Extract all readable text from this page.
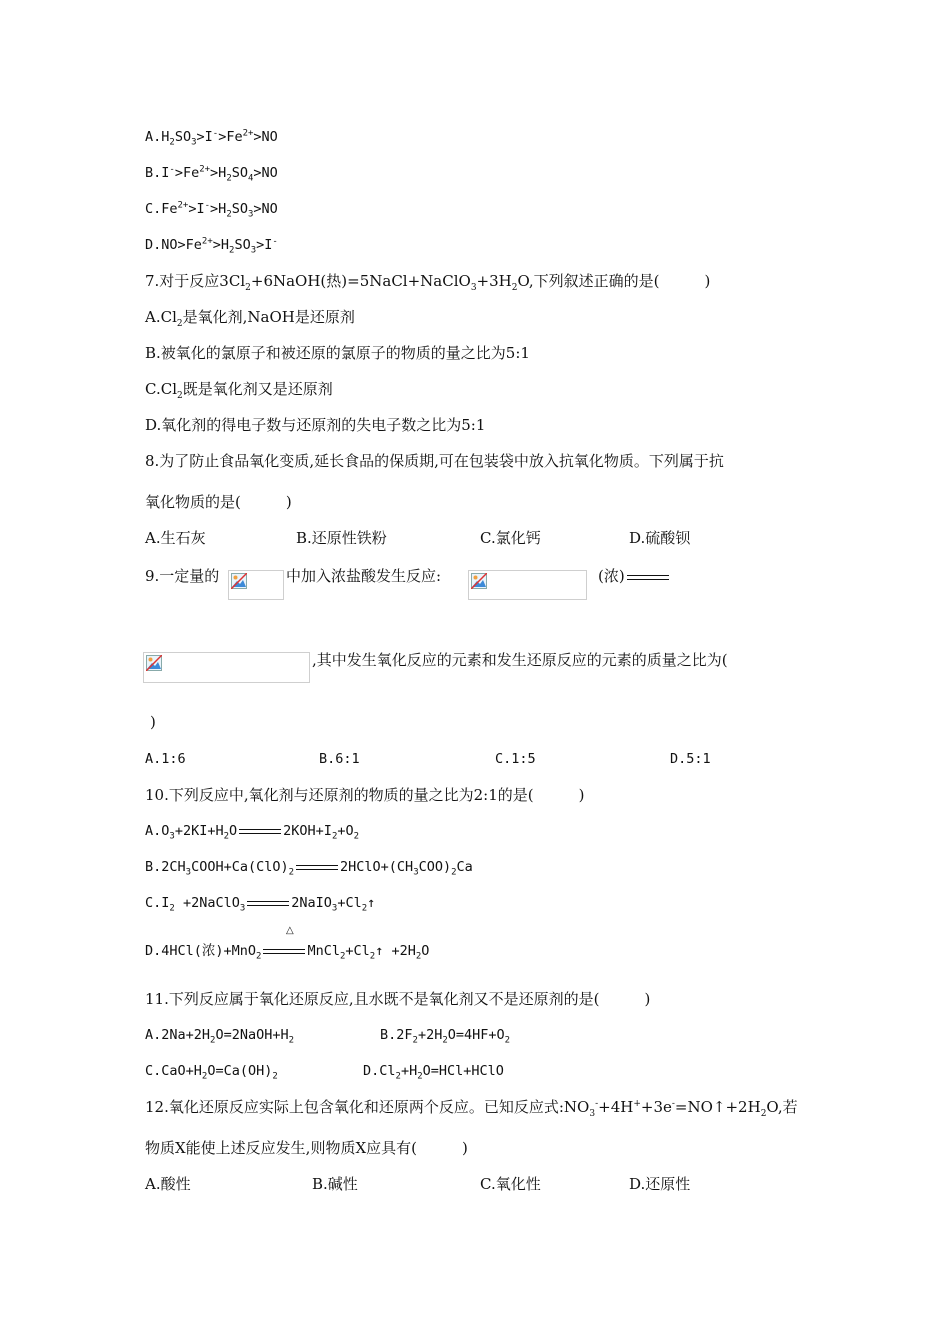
$A.H_2SO_3>I^->Fe^{2+}>NO$
$B.I^->Fe^{2+}>H_2SO_4>NO$
$C.Fe^{2+}>I^->H_2SO_3>NO$
$D.NO>Fe^{2+}>H_2SO_3>I^-$
7.对于反应$3Cl_2+6NaOH$(热)$=5NaCl+NaClO_3+3H_2O$,下列叙述正确的是(　　　)
$A.Cl_2$是氧化剂,NaOH是还原剂
B.被氧化的氯原子和被还原的氯原子的物质的量之比为5:1
$C.Cl_2$既是氧化剂又是还原剂
D.氧化剂的得电子数与还原剂的失电子数之比为5:1
8.为了防止食品氧化变质,延长食品的保质期,可在包装袋中放入抗氧化物质。下列属于抗
氧化物质的是(　　　)
A.生石灰	B.还原性铁粉	C.氯化钙	D.硫酸钡
9.一定量的	中加入浓盐酸发生反应:	(浓)
,其中发生氧化反应的元素和发生还原反应的元素的质量之比为(
)
A.1:6	B.6:1	C.1:5	D.5:1
10.下列反应中,氧化剂与还原剂的物质的量之比为2:1的是(　　　)
$A.O_3+2KI+H_2O$	$2KOH+I_2+O_2$
$B.2CH_3COOH+Ca(ClO)_2$	$2HClO+(CH_3COO)_2Ca$
$C.I_2$ +2NaClO$_3$	$2NaIO_3+Cl_2↑$
△
D.4HCl(浓)+MnO$_2$	$MnCl_2+Cl_2↑ +2H_2O$
11.下列反应属于氧化还原反应,且水既不是氧化剂又不是还原剂的是(　　　)
$A.2Na+2H_2O=2NaOH+H_2$	$B.2F_2+2H_2O=4HF+O_2$
$C.CaO+H_2O=Ca(OH)_2$	$D.Cl_2+H_2O=HCl+HClO$
12.氧化还原反应实际上包含氧化和还原两个反应。已知反应式$:NO_3^-+4H^++3e^-=NO↑+2H_2O$,若
物质X能使上述反应发生,则物质X应具有(　　　)
A.酸性	B.碱性	C.氧化性	D.还原性
